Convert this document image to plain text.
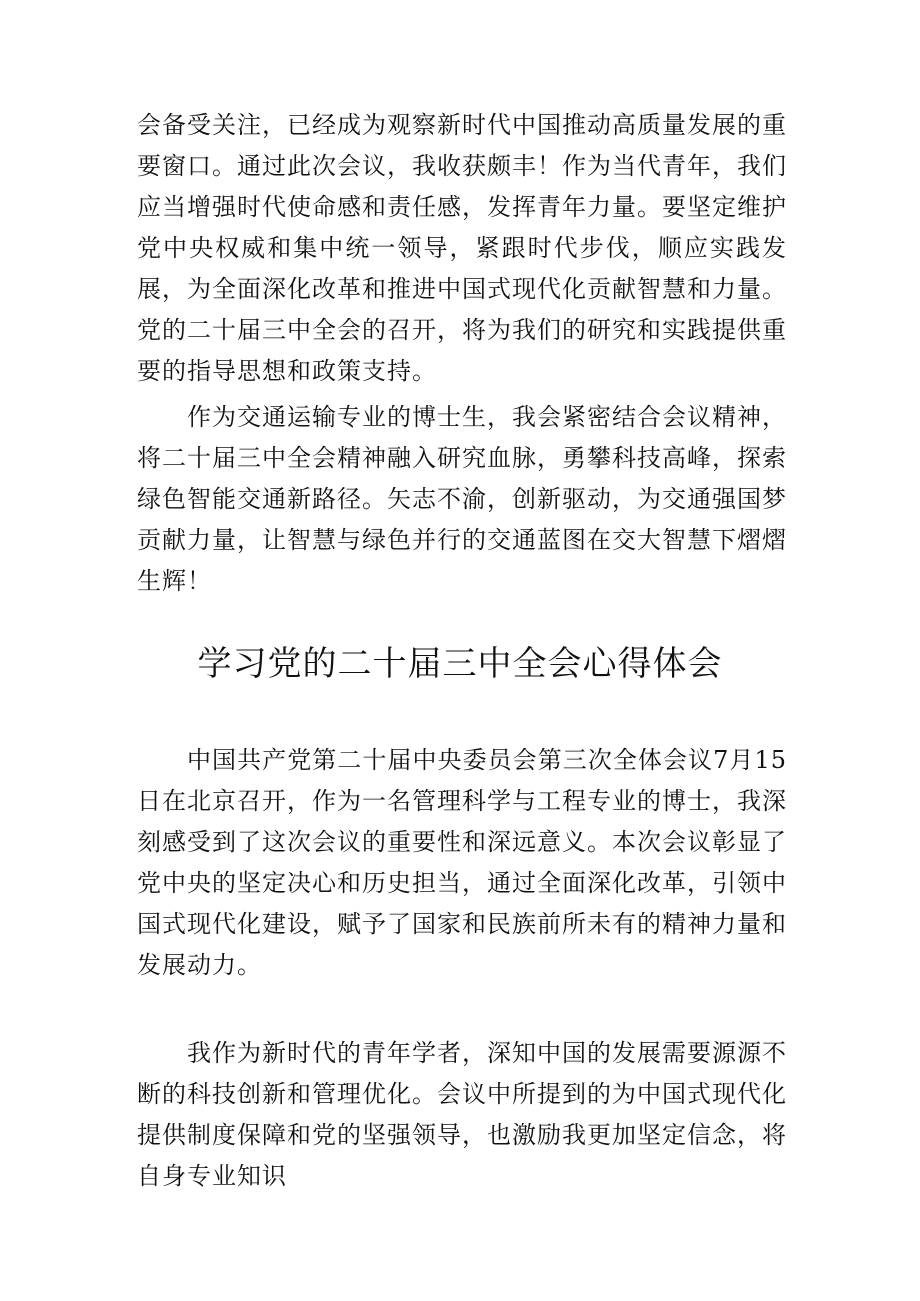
会备受关注，已经成为观察新时代中国推动高质量发展的重要窗口。通过此次会议，我收获颇丰！作为当代青年，我们应当增强时代使命感和责任感，发挥青年力量。要坚定维护党中央权威和集中统一领导，紧跟时代步伐，顺应实践发展，为全面深化改革和推进中国式现代化贡献智慧和力量。党的二十届三中全会的召开，将为我们的研究和实践提供重要的指导思想和政策支持。

作为交通运输专业的博士生，我会紧密结合会议精神，将二十届三中全会精神融入研究血脉，勇攀科技高峰，探索绿色智能交通新路径。矢志不渝，创新驱动，为交通强国梦贡献力量，让智慧与绿色并行的交通蓝图在交大智慧下熠熠生辉！

学习党的二十届三中全会心得体会

中国共产党第二十届中央委员会第三次全体会议7月15日在北京召开，作为一名管理科学与工程专业的博士，我深刻感受到了这次会议的重要性和深远意义。本次会议彰显了党中央的坚定决心和历史担当，通过全面深化改革，引领中国式现代化建设，赋予了国家和民族前所未有的精神力量和发展动力。

我作为新时代的青年学者，深知中国的发展需要源源不断的科技创新和管理优化。会议中所提到的为中国式现代化提供制度保障和党的坚强领导，也激励我更加坚定信念，将自身专业知识
